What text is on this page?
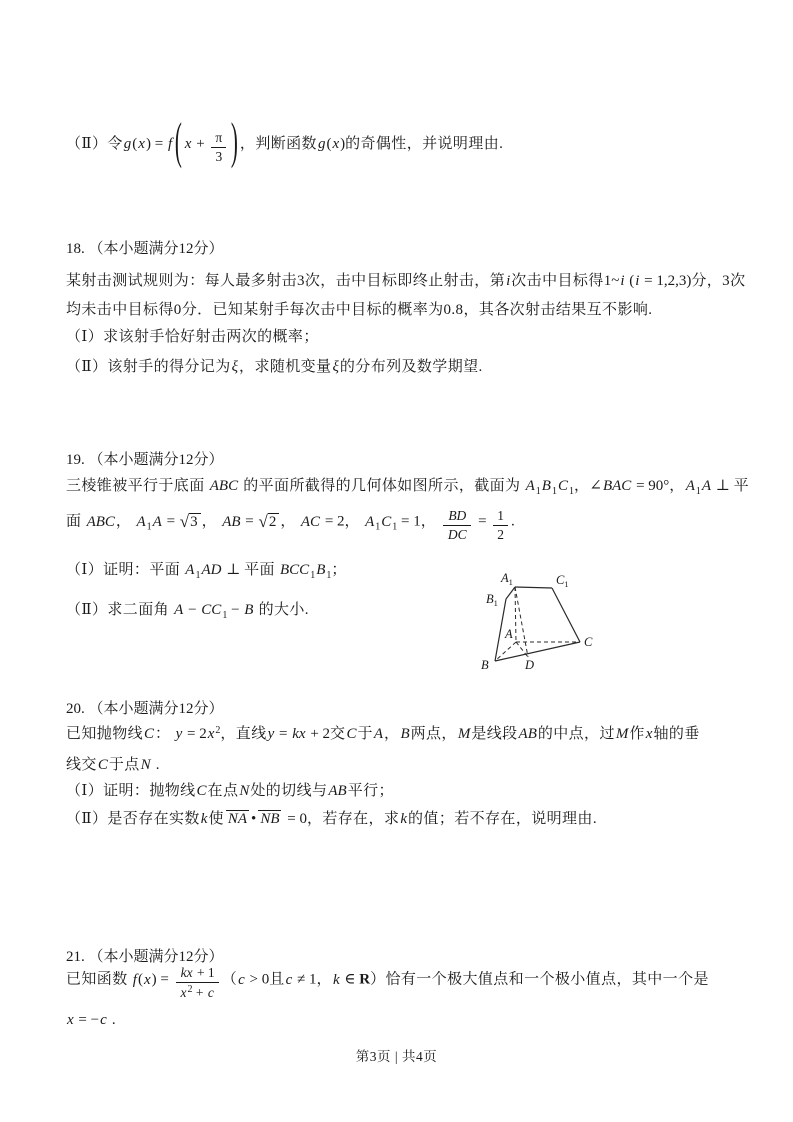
（Ⅱ）令g(x) = f ( $x + \frac{\pi}{3}$ ) ，判断函数g(x)的奇偶性，并说明理由.
18. （本小题满分12分）
某射击测试规则为：每人最多射击3次，击中目标即终止射击，第i次击中目标得1~i (i = 1,2,3)分，3次
均未击中目标得0分．已知某射手每次击中目标的概率为0.8，其各次射击结果互不影响.
（Ⅰ）求该射手恰好射击两次的概率；
（Ⅱ）该射手的得分记为ξ，求随机变量ξ的分布列及数学期望.
19. （本小题满分12分）
三棱锥被平行于底面 ABC 的平面所截得的几何体如图所示，截面为 $A_1B_1C_1$，∠BAC = 90°，$A_1A$ ⊥ 平
面 ABC， $A_1A = √3$ ， AB = √2 ， AC = 2， $A_1C_1 = 1$， $\frac{BD}{DC} = \frac{1}{2}$ .
（Ⅰ）证明：平面 $A_1AD$ ⊥ 平面 $BCC_1B_1$；
（Ⅱ）求二面角 $A - CC_1 - B$ 的大小.
$A_1$	$C_1$
$B_1$
A
B	D
C
20. （本小题满分12分）
已知抛物线C： $y = 2x^2$，直线y = kx + 2交C于A，B两点，M是线段AB的中点，过M作x轴的垂
线交C于点N .
（Ⅰ）证明：抛物线C在点N处的切线与AB平行；
（Ⅱ）是否存在实数k使 NA • NB = 0，若存在，求k的值；若不存在，说明理由.
21. （本小题满分12分）
已知函数 $f(x) = \frac{kx + 1}{x^2 + c} (c > 0$且c ≠ 1，k ∈ R）恰有一个极大值点和一个极小值点，其中一个是
x = −c .
第3页 | 共4页
